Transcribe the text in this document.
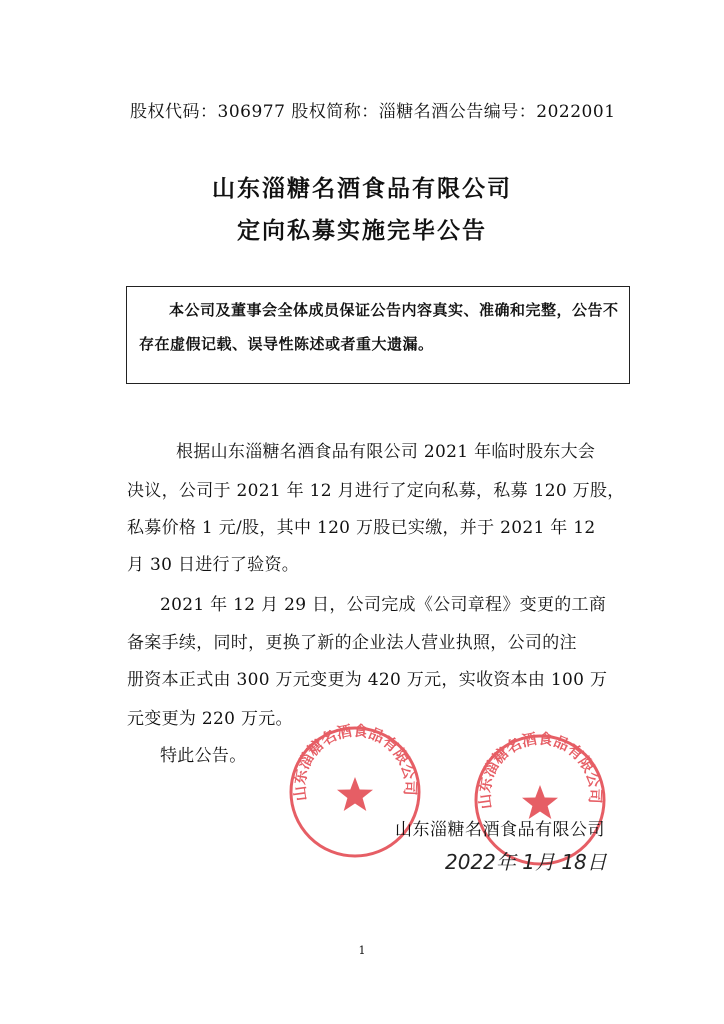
股权代码：306977 股权简称：淄糖名酒公告编号：2022001
山东淄糖名酒食品有限公司
定向私募实施完毕公告
本公司及董事会全体成员保证公告内容真实、准确和完整，公告不存在虚假记载、误导性陈述或者重大遗漏。
根据山东淄糖名酒食品有限公司 2021 年临时股东大会
决议，公司于 2021 年 12 月进行了定向私募，私募 120 万股，
私募价格 1 元/股，其中 120 万股已实缴，并于 2021 年 12
月 30 日进行了验资。
2021 年 12 月 29 日，公司完成《公司章程》变更的工商
备案手续，同时，更换了新的企业法人营业执照，公司的注
册资本正式由 300 万元变更为 420 万元，实收资本由 100 万
元变更为 220 万元。
特此公告。
山东淄糖名酒食品有限公司
山东淄糖名酒食品有限公司
山东淄糖名酒食品有限公司
2022年 1月 18日
1
